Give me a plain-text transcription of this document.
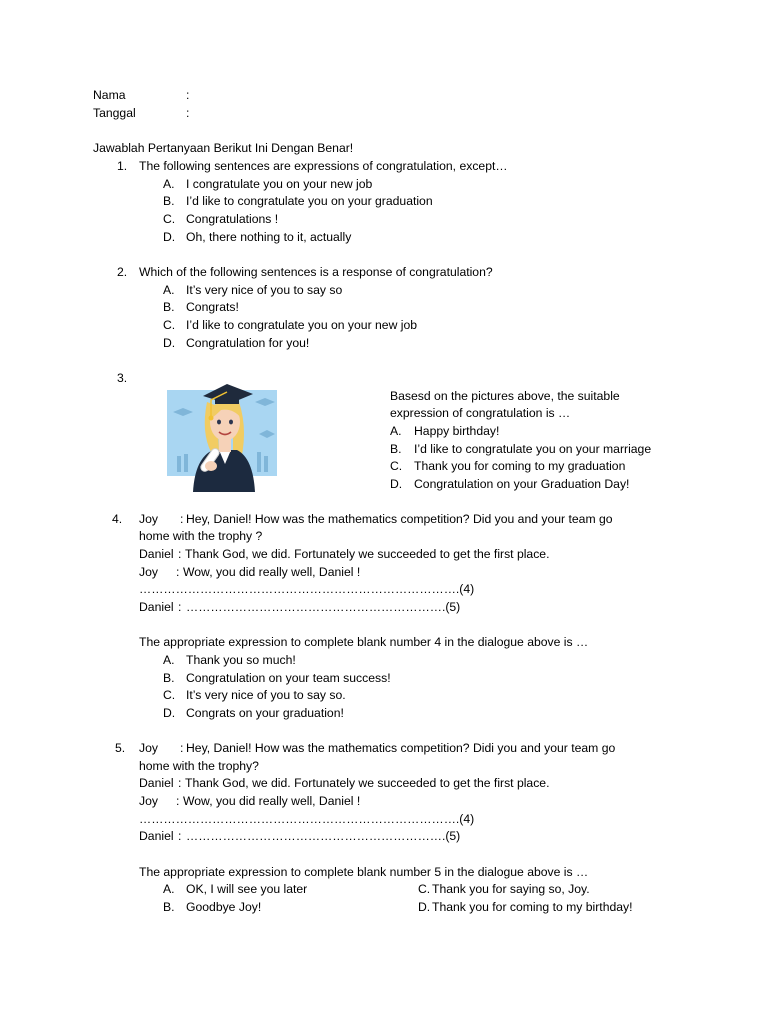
Nama	:
Tanggal	:
Jawablah Pertanyaan Berikut Ini Dengan Benar!
1. The following sentences are expressions of congratulation, except…
A. I congratulate you on your new job
B. I’d like to congratulate you on your graduation
C. Congratulations !
D. Oh, there nothing to it, actually
2. Which of the following sentences is a response of congratulation?
A. It’s very nice of you to say so
B. Congrats!
C. I’d like to congratulate you on your new job
D. Congratulation for you!
3.
Basesd on the pictures above, the suitable
expression of congratulation is …
A. Happy birthday!
B. I’d like to congratulate you on your marriage
C. Thank you for coming to my graduation
D. Congratulation on your Graduation Day!
4. Joy : Hey, Daniel! How was the mathematics competition? Did you and your team go
home with the trophy ?
Daniel : Thank God, we did. Fortunately we succeeded to get the first place.
Joy : Wow, you did really well, Daniel !
…………………………………………………………………….(4)
Daniel : ……………………………………………………….(5)
The appropriate expression to complete blank number 4 in the dialogue above is …
A. Thank you so much!
B. Congratulation on your team success!
C. It’s very nice of you to say so.
D. Congrats on your graduation!
5. Joy : Hey, Daniel! How was the mathematics competition? Didi you and your team go
home with the trophy?
Daniel : Thank God, we did. Fortunately we succeeded to get the first place.
Joy : Wow, you did really well, Daniel !
…………………………………………………………………….(4)
Daniel : ……………………………………………………….(5)
The appropriate expression to complete blank number 5 in the dialogue above is …
A. OK, I will see you later	C. Thank you for saying so, Joy.
B. Goodbye Joy!	D. Thank you for coming to my birthday!
